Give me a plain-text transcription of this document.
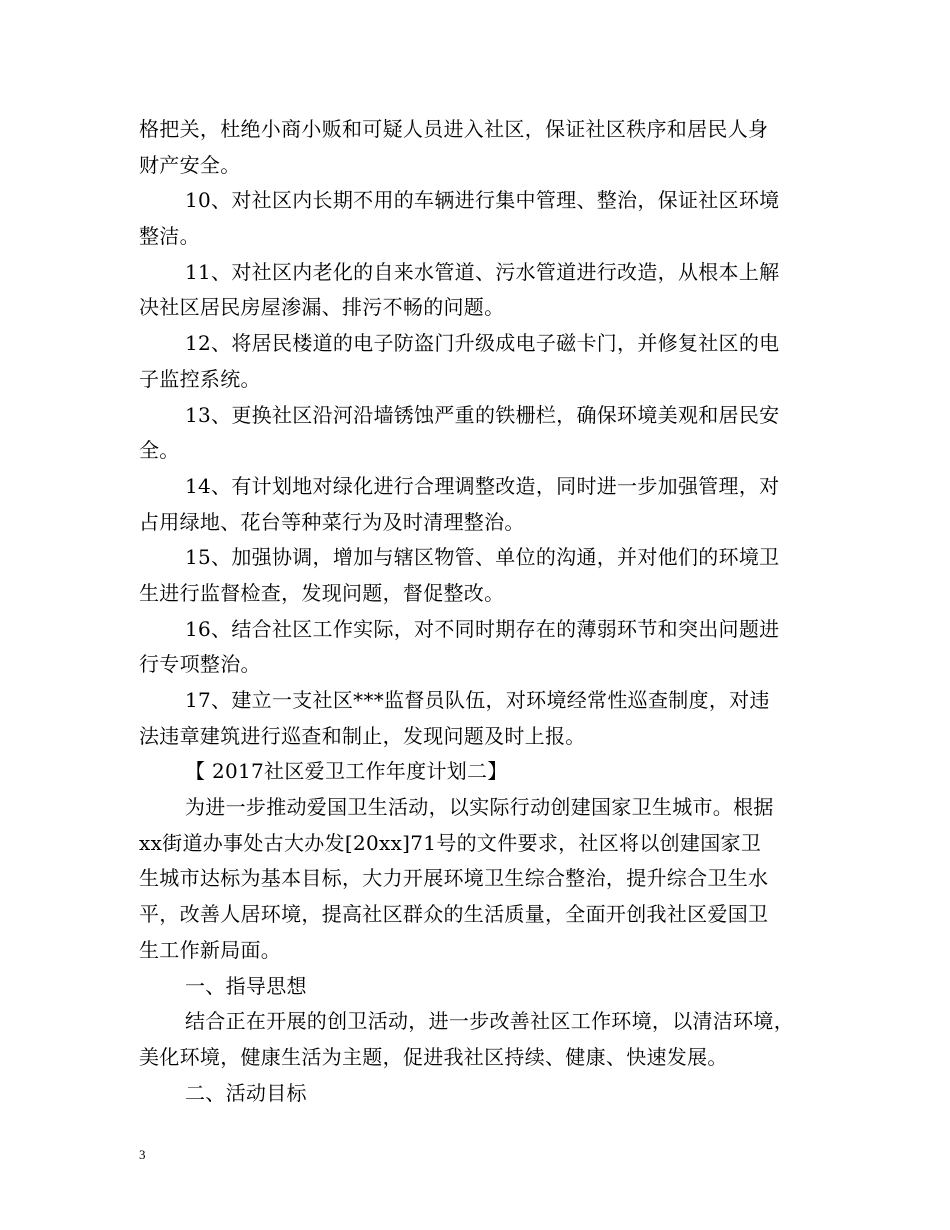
格把关，杜绝小商小贩和可疑人员进入社区，保证社区秩序和居民人身
财产安全。
10、对社区内长期不用的车辆进行集中管理、整治，保证社区环境
整洁。
11、对社区内老化的自来水管道、污水管道进行改造，从根本上解
决社区居民房屋渗漏、排污不畅的问题。
12、将居民楼道的电子防盗门升级成电子磁卡门，并修复社区的电
子监控系统。
13、更换社区沿河沿墙锈蚀严重的铁栅栏，确保环境美观和居民安
全。
14、有计划地对绿化进行合理调整改造，同时进一步加强管理，对
占用绿地、花台等种菜行为及时清理整治。
15、加强协调，增加与辖区物管、单位的沟通，并对他们的环境卫
生进行监督检查，发现问题，督促整改。
16、结合社区工作实际，对不同时期存在的薄弱环节和突出问题进
行专项整治。
17、建立一支社区***监督员队伍，对环境经常性巡查制度，对违
法违章建筑进行巡查和制止，发现问题及时上报。
【 2017社区爱卫工作年度计划二】
为进一步推动爱国卫生活动，以实际行动创建国家卫生城市。根据
xx街道办事处古大办发[20xx]71号的文件要求，社区将以创建国家卫
生城市达标为基本目标，大力开展环境卫生综合整治，提升综合卫生水
平，改善人居环境，提高社区群众的生活质量，全面开创我社区爱国卫
生工作新局面。
一、指导思想
结合正在开展的创卫活动，进一步改善社区工作环境，以清洁环境，
美化环境，健康生活为主题，促进我社区持续、健康、快速发展。
二、活动目标
3
